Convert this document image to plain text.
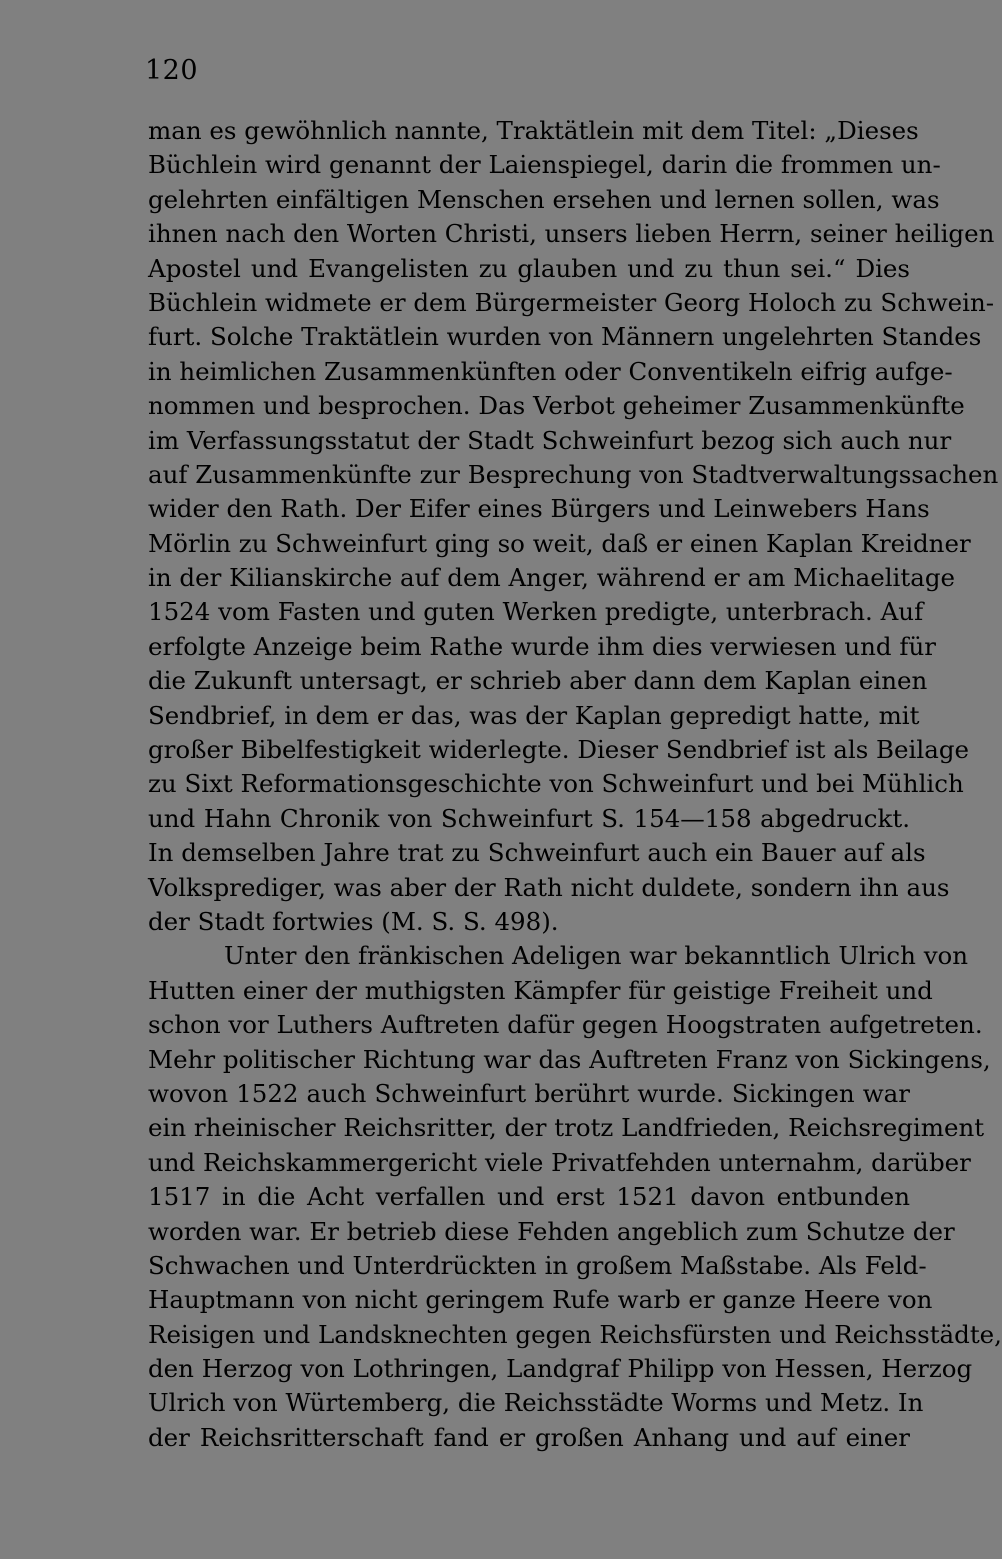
120
man es gewöhnlich nannte, Traktätlein mit dem Titel: „Dieses
Büchlein wird genannt der Laienspiegel, darin die frommen un-
gelehrten einfältigen Menschen ersehen und lernen sollen, was
ihnen nach den Worten Christi, unsers lieben Herrn, seiner heiligen
Apostel und Evangelisten zu glauben und zu thun sei.“ Dies
Büchlein widmete er dem Bürgermeister Georg Holoch zu Schwein-
furt. Solche Traktätlein wurden von Männern ungelehrten Standes
in heimlichen Zusammenkünften oder Conventikeln eifrig aufge-
nommen und besprochen. Das Verbot geheimer Zusammenkünfte
im Verfassungsstatut der Stadt Schweinfurt bezog sich auch nur
auf Zusammenkünfte zur Besprechung von Stadtverwaltungssachen
wider den Rath. Der Eifer eines Bürgers und Leinwebers Hans
Mörlin zu Schweinfurt ging so weit, daß er einen Kaplan Kreidner
in der Kilianskirche auf dem Anger, während er am Michaelitage
1524 vom Fasten und guten Werken predigte, unterbrach. Auf
erfolgte Anzeige beim Rathe wurde ihm dies verwiesen und für
die Zukunft untersagt, er schrieb aber dann dem Kaplan einen
Sendbrief, in dem er das, was der Kaplan gepredigt hatte, mit
großer Bibelfestigkeit widerlegte. Dieser Sendbrief ist als Beilage
zu Sixt Reformationsgeschichte von Schweinfurt und bei Mühlich
und Hahn Chronik von Schweinfurt S. 154—158 abgedruckt.
In demselben Jahre trat zu Schweinfurt auch ein Bauer auf als
Volksprediger, was aber der Rath nicht duldete, sondern ihn aus
der Stadt fortwies (M. S. S. 498).
Unter den fränkischen Adeligen war bekanntlich Ulrich von
Hutten einer der muthigsten Kämpfer für geistige Freiheit und
schon vor Luthers Auftreten dafür gegen Hoogstraten aufgetreten.
Mehr politischer Richtung war das Auftreten Franz von Sickingens,
wovon 1522 auch Schweinfurt berührt wurde. Sickingen war
ein rheinischer Reichsritter, der trotz Landfrieden, Reichsregiment
und Reichskammergericht viele Privatfehden unternahm, darüber
1517 in die Acht verfallen und erst 1521 davon entbunden
worden war. Er betrieb diese Fehden angeblich zum Schutze der
Schwachen und Unterdrückten in großem Maßstabe. Als Feld-
Hauptmann von nicht geringem Rufe warb er ganze Heere von
Reisigen und Landsknechten gegen Reichsfürsten und Reichsstädte,
den Herzog von Lothringen, Landgraf Philipp von Hessen, Herzog
Ulrich von Würtemberg, die Reichsstädte Worms und Metz. In
der Reichsritterschaft fand er großen Anhang und auf einer
